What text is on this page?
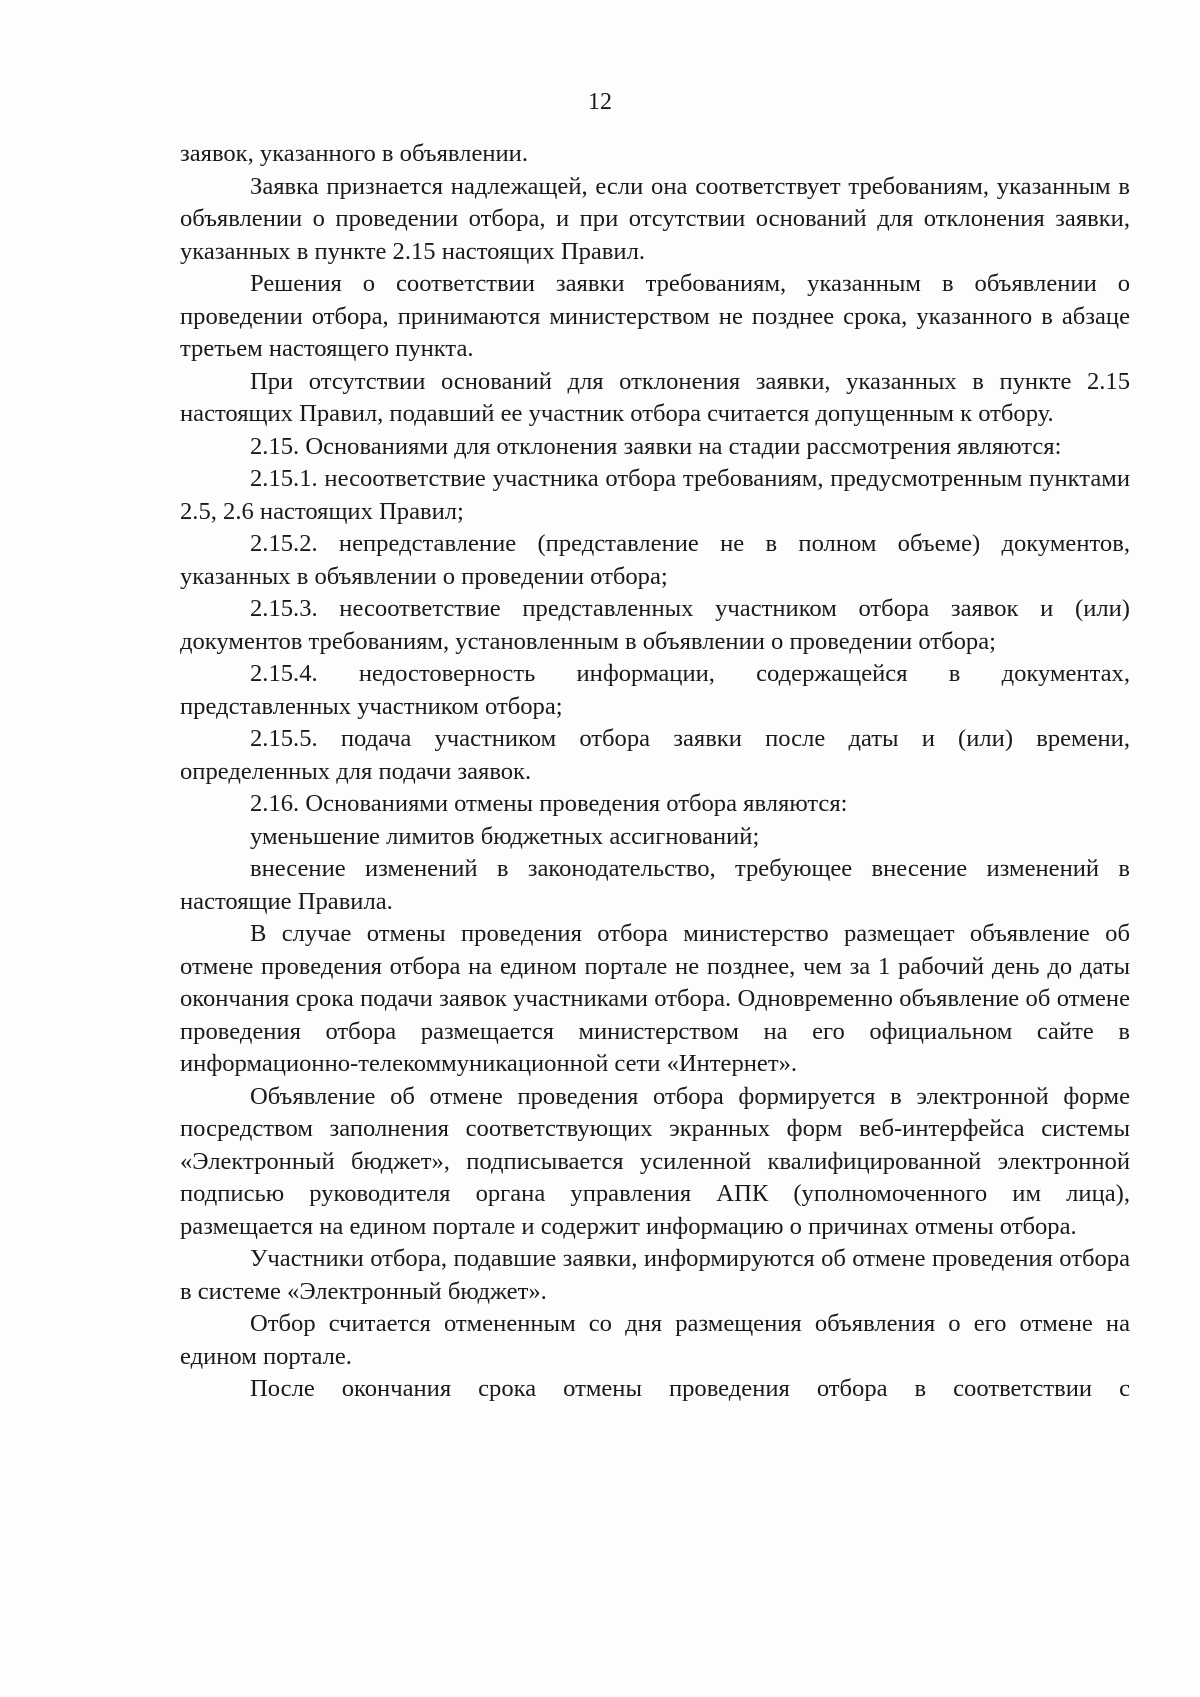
12

заявок, указанного в объявлении.

Заявка признается надлежащей, если она соответствует требованиям, указанным в объявлении о проведении отбора, и при отсутствии оснований для отклонения заявки, указанных в пункте 2.15 настоящих Правил.

Решения о соответствии заявки требованиям, указанным в объявлении о проведении отбора, принимаются министерством не позднее срока, указанного в абзаце третьем настоящего пункта.

При отсутствии оснований для отклонения заявки, указанных в пункте 2.15 настоящих Правил, подавший ее участник отбора считается допущенным к отбору.

2.15. Основаниями для отклонения заявки на стадии рассмотрения являются:

2.15.1. несоответствие участника отбора требованиям, предусмотренным пунктами 2.5, 2.6 настоящих Правил;

2.15.2. непредставление (представление не в полном объеме) документов, указанных в объявлении о проведении отбора;

2.15.3. несоответствие представленных участником отбора заявок и (или) документов требованиям, установленным в объявлении о проведении отбора;

2.15.4. недостоверность информации, содержащейся в документах, представленных участником отбора;

2.15.5. подача участником отбора заявки после даты и (или) времени, определенных для подачи заявок.

2.16. Основаниями отмены проведения отбора являются:

уменьшение лимитов бюджетных ассигнований;

внесение изменений в законодательство, требующее внесение изменений в настоящие Правила.

В случае отмены проведения отбора министерство размещает объявление об отмене проведения отбора на едином портале не позднее, чем за 1 рабочий день до даты окончания срока подачи заявок участниками отбора. Одновременно объявление об отмене проведения отбора размещается министерством на его официальном сайте в информационно-телекоммуникационной сети «Интернет».

Объявление об отмене проведения отбора формируется в электронной форме посредством заполнения соответствующих экранных форм веб-интерфейса системы «Электронный бюджет», подписывается усиленной квалифицированной электронной подписью руководителя органа управления АПК (уполномоченного им лица), размещается на едином портале и содержит информацию о причинах отмены отбора.

Участники отбора, подавшие заявки, информируются об отмене проведения отбора в системе «Электронный бюджет».

Отбор считается отмененным со дня размещения объявления о его отмене на едином портале.

После окончания срока отмены проведения отбора в соответствии с
